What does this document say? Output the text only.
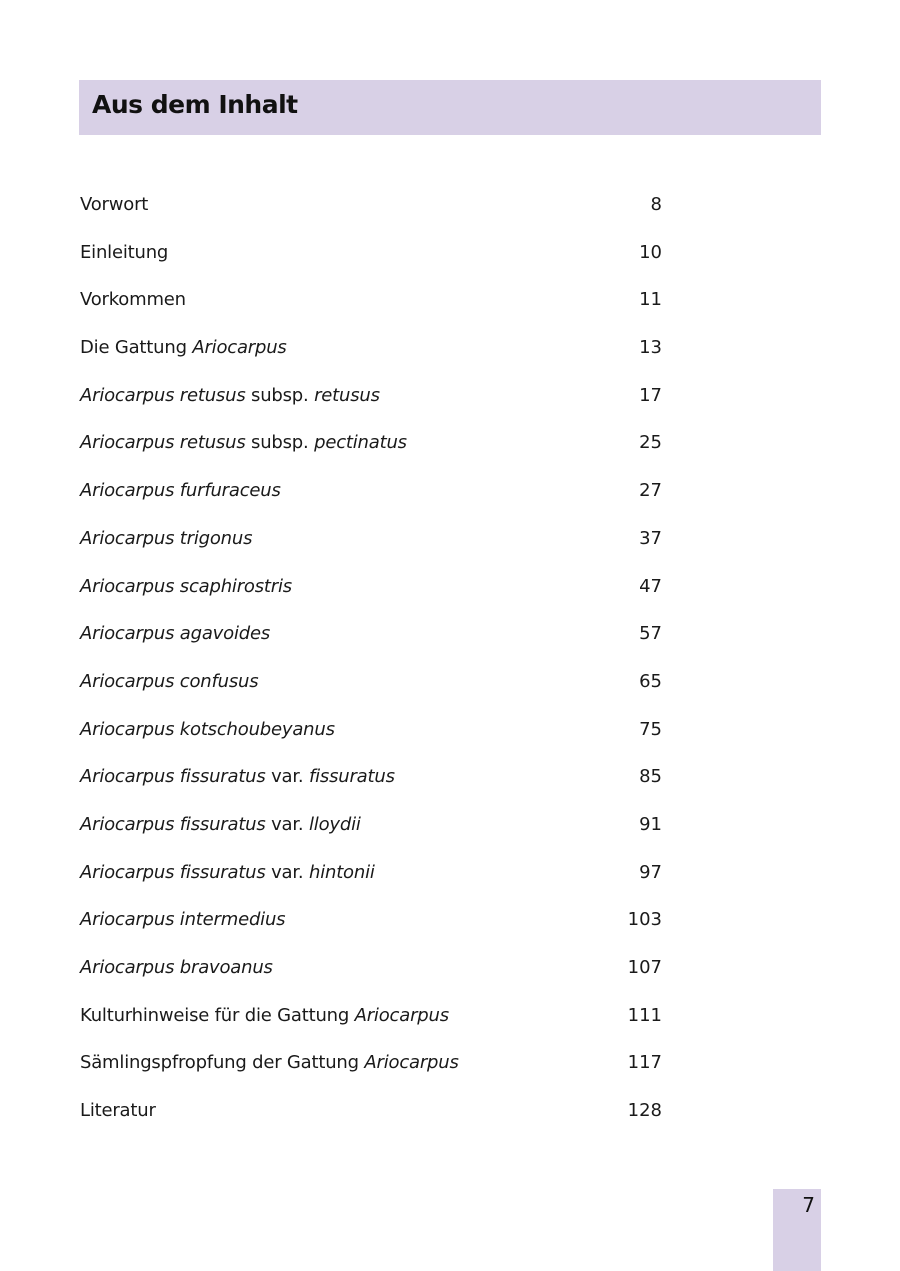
Aus dem Inhalt
Vorwort	8
Einleitung	10
Vorkommen	11
Die Gattung Ariocarpus	13
Ariocarpus retusus subsp. retusus	17
Ariocarpus retusus subsp. pectinatus	25
Ariocarpus furfuraceus	27
Ariocarpus trigonus	37
Ariocarpus scaphirostris	47
Ariocarpus agavoides	57
Ariocarpus confusus	65
Ariocarpus kotschoubeyanus	75
Ariocarpus fissuratus var. fissuratus	85
Ariocarpus fissuratus var. lloydii	91
Ariocarpus fissuratus var. hintonii	97
Ariocarpus intermedius	103
Ariocarpus bravoanus	107
Kulturhinweise für die Gattung Ariocarpus	111
Sämlingspfropfung der Gattung Ariocarpus	117
Literatur	128
7
